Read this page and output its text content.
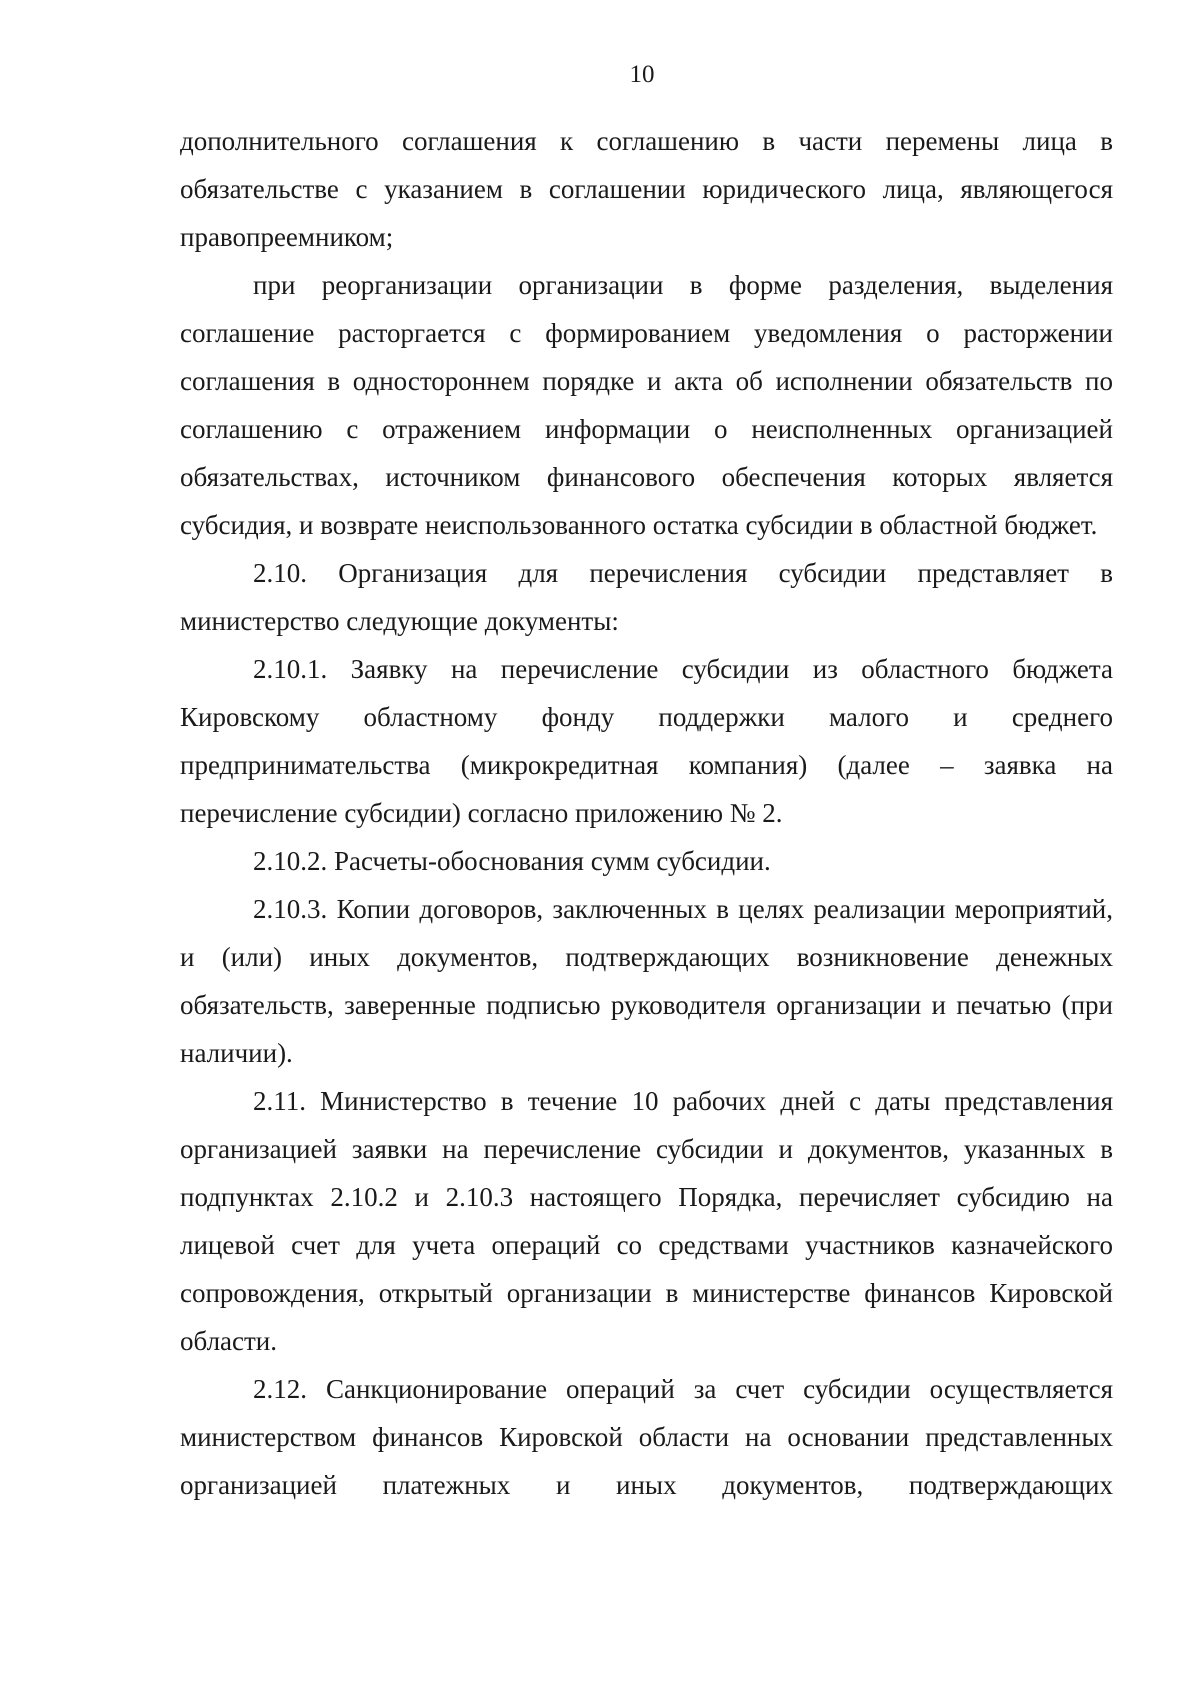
10

дополнительного соглашения к соглашению в части перемены лица в обязательстве с указанием в соглашении юридического лица, являющегося правопреемником;

при реорганизации организации в форме разделения, выделения соглашение расторгается с формированием уведомления о расторжении соглашения в одностороннем порядке и акта об исполнении обязательств по соглашению с отражением информации о неисполненных организацией обязательствах, источником финансового обеспечения которых является субсидия, и возврате неиспользованного остатка субсидии в областной бюджет.

2.10. Организация для перечисления субсидии представляет в министерство следующие документы:

2.10.1. Заявку на перечисление субсидии из областного бюджета Кировскому областному фонду поддержки малого и среднего предпринимательства (микрокредитная компания) (далее – заявка на перечисление субсидии) согласно приложению № 2.

2.10.2. Расчеты-обоснования сумм субсидии.

2.10.3. Копии договоров, заключенных в целях реализации мероприятий, и (или) иных документов, подтверждающих возникновение денежных обязательств, заверенные подписью руководителя организации и печатью (при наличии).

2.11. Министерство в течение 10 рабочих дней с даты представления организацией заявки на перечисление субсидии и документов, указанных в подпунктах 2.10.2 и 2.10.3 настоящего Порядка, перечисляет субсидию на лицевой счет для учета операций со средствами участников казначейского сопровождения, открытый организации в министерстве финансов Кировской области.

2.12. Санкционирование операций за счет субсидии осуществляется министерством финансов Кировской области на основании представленных организацией платежных и иных документов, подтверждающих
